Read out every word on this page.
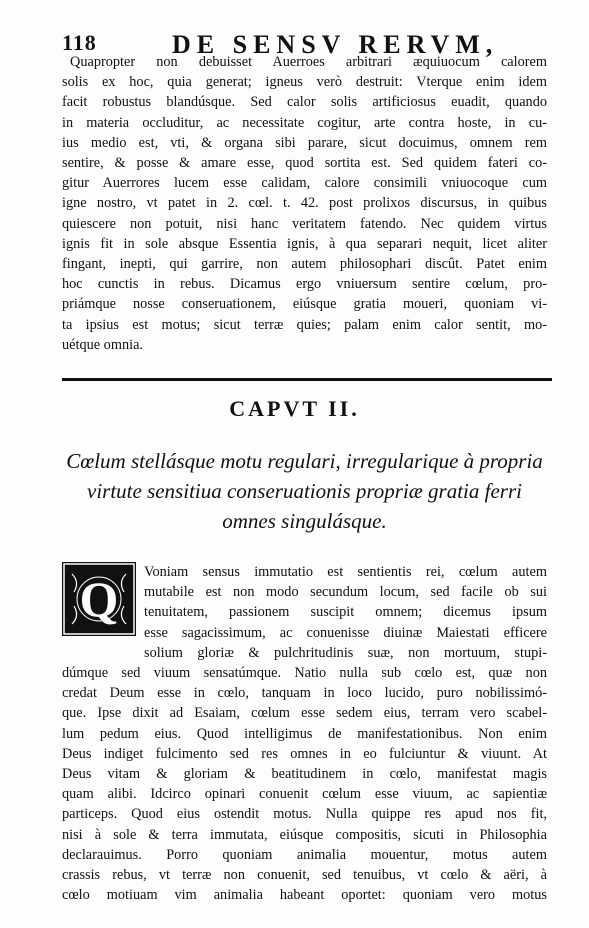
118	DE SENSV RERVM,
Quapropter non debuisset Auerroes arbitrari æquiuocum calorem
solis ex hoc, quia generat; igneus verò destruit: Vterque enim idem
facit robustus blandúsque. Sed calor solis artificiosus euadit, quando
in materia occluditur, ac necessitate cogitur, arte contra hoste, in cu-
ius medio est, vti, & organa sibi parare, sicut docuimus, omnem rem
sentire, & posse & amare esse, quod sortita est. Sed quidem fateri co-
gitur Auerrores lucem esse calidam, calore consimili vniuocoque cum
igne nostro, vt patet in 2. cœl. t. 42. post prolixos discursus, in quibus
quiescere non potuit, nisi hanc veritatem fatendo. Nec quidem virtus
ignis fit in sole absque Essentia ignis, à qua separari nequit, licet aliter
fingant, inepti, qui garrire, non autem philosophari discût. Patet enim
hoc cunctis in rebus. Dicamus ergo vniuersum sentire cœlum, pro-
priámque nosse conseruationem, eiúsque gratia moueri, quoniam vi-
ta ipsius est motus; sicut terræ quies; palam enim calor sentit, mo-
uétque omnia.
CAPVT II.
Cœlum stellásque motu regulari, irregularique à propria virtute sensitiua conseruationis propriæ gratia ferri omnes singulásque.
Q	Voniam sensus immutatio est sentientis rei, cœlum autem
mutabile est non modo secundum locum, sed facile ob sui
tenuitatem, passionem suscipit omnem; dicemus ipsum
esse sagacissimum, ac conuenisse diuinæ Maiestati efficere
solium gloriæ & pulchritudinis suæ, non mortuum, stupi-
dúmque sed viuum sensatúmque. Natio nulla sub cœlo est, quæ non
credat Deum esse in cœlo, tanquam in loco lucido, puro nobilissimó-
que. Ipse dixit ad Esaiam, cœlum esse sedem eius, terram vero scabel-
lum pedum eius. Quod intelligimus de manifestationibus. Non enim
Deus indiget fulcimento sed res omnes in eo fulciuntur & viuunt. At
Deus vitam & gloriam & beatitudinem in cœlo, manifestat magis
quam alibi. Idcirco opinari conuenit cœlum esse viuum, ac sapientiæ
particeps. Quod eius ostendit motus. Nulla quippe res apud nos fit,
nisi à sole & terra immutata, eiúsque compositis, sicuti in Philosophia
declarauimus. Porro quoniam animalia mouentur, motus autem
crassis rebus, vt terræ non conuenit, sed tenuibus, vt cœlo & aëri, à
cœlo motiuam vim animalia habeant oportet: quoniam vero motus
